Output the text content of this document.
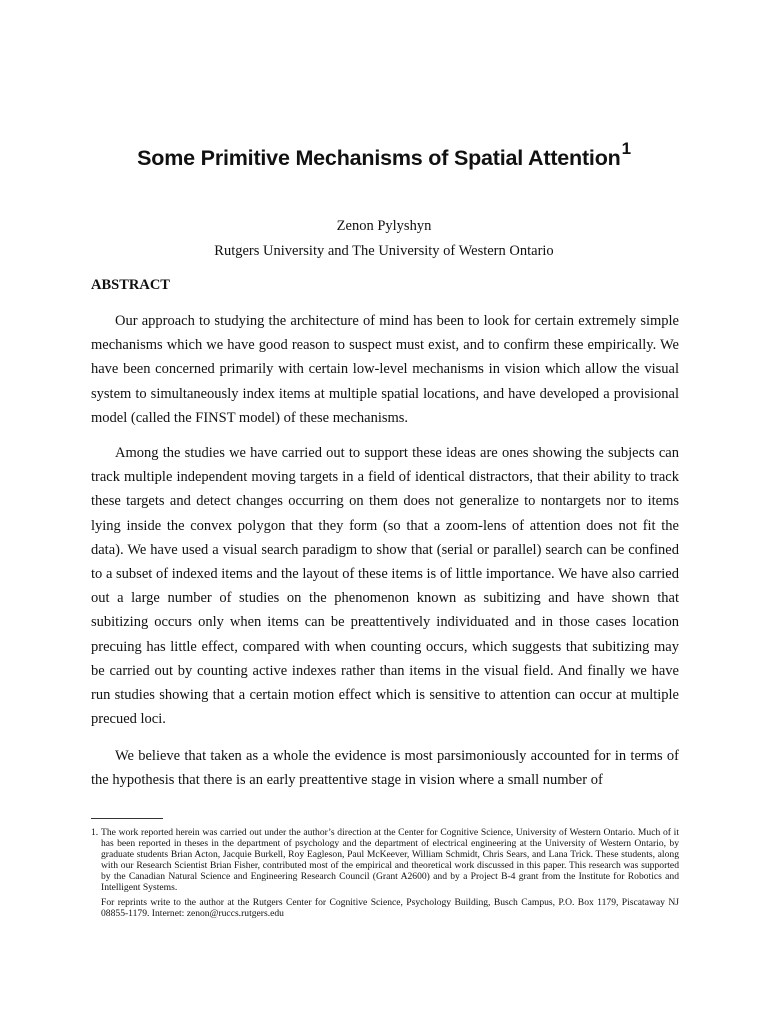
Some Primitive Mechanisms of Spatial Attention$^1$
Zenon Pylyshyn
Rutgers University and The University of Western Ontario
ABSTRACT

Our approach to studying the architecture of mind has been to look for certain extremely simple mechanisms which we have good reason to suspect must exist, and to confirm these empirically. We have been concerned primarily with certain low-level mechanisms in vision which allow the visual system to simultaneously index items at multiple spatial locations, and have developed a provisional model (called the FINST model) of these mechanisms.

Among the studies we have carried out to support these ideas are ones showing the subjects can track multiple independent moving targets in a field of identical distractors, that their ability to track these targets and detect changes occurring on them does not generalize to nontargets nor to items lying inside the convex polygon that they form (so that a zoom-lens of attention does not fit the data). We have used a visual search paradigm to show that (serial or parallel) search can be confined to a subset of indexed items and the layout of these items is of little importance. We have also carried out a large number of studies on the phenomenon known as subitizing and have shown that subitizing occurs only when items can be preattentively individuated and in those cases location precuing has little effect, compared with when counting occurs, which suggests that subitizing may be carried out by counting active indexes rather than items in the visual field. And finally we have run studies showing that a certain motion effect which is sensitive to attention can occur at multiple precued loci.

We believe that taken as a whole the evidence is most parsimoniously accounted for in terms of the hypothesis that there is an early preattentive stage in vision where a small number of

1. The work reported herein was carried out under the author’s direction at the Center for Cognitive Science, University of Western Ontario. Much of it has been reported in theses in the department of psychology and the department of electrical engineering at the University of Western Ontario, by graduate students Brian Acton, Jacquie Burkell, Roy Eagleson, Paul McKeever, William Schmidt, Chris Sears, and Lana Trick. These students, along with our Research Scientist Brian Fisher, contributed most of the empirical and theoretical work discussed in this paper. This research was supported by the Canadian Natural Science and Engineering Research Council (Grant A2600) and by a Project B-4 grant from the Institute for Robotics and Intelligent Systems.
For reprints write to the author at the Rutgers Center for Cognitive Science, Psychology Building, Busch Campus, P.O. Box 1179, Piscataway NJ 08855-1179. Internet: zenon@ruccs.rutgers.edu
